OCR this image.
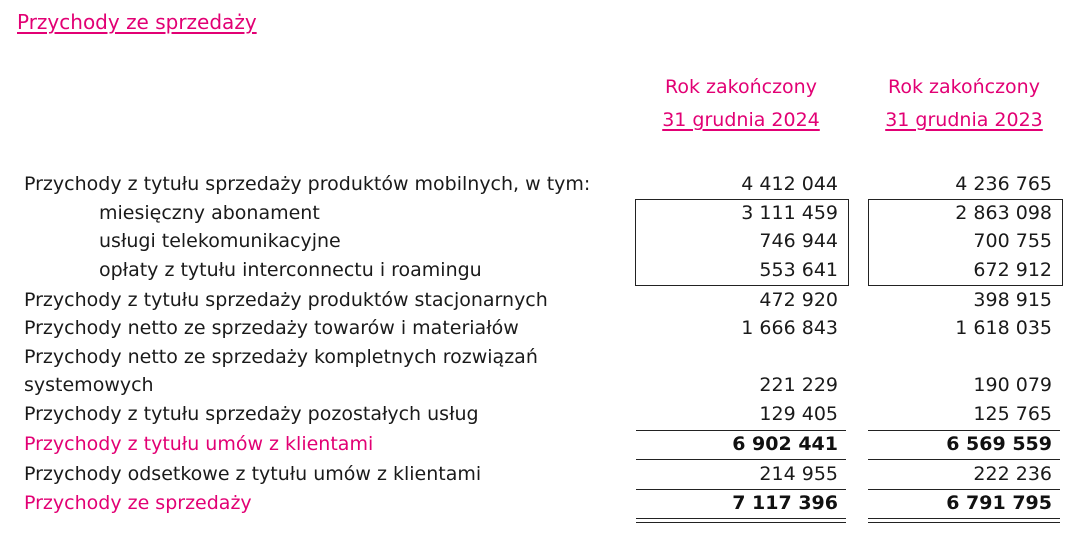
Przychody ze sprzedaży
Rok zakończony
31 grudnia 2024
Rok zakończony
31 grudnia 2023
Przychody z tytułu sprzedaży produktów mobilnych, w tym:	4 412 044	4 236 765
miesięczny abonament	3 111 459	2 863 098
usługi telekomunikacyjne	746 944	700 755
opłaty z tytułu interconnectu i roamingu	553 641	672 912
Przychody z tytułu sprzedaży produktów stacjonarnych	472 920	398 915
Przychody netto ze sprzedaży towarów i materiałów	1 666 843	1 618 035
Przychody netto ze sprzedaży kompletnych rozwiązań
systemowych	221 229	190 079
Przychody z tytułu sprzedaży pozostałych usług	129 405	125 765
Przychody z tytułu umów z klientami	6 902 441	6 569 559
Przychody odsetkowe z tytułu umów z klientami	214 955	222 236
Przychody ze sprzedaży	7 117 396	6 791 795
